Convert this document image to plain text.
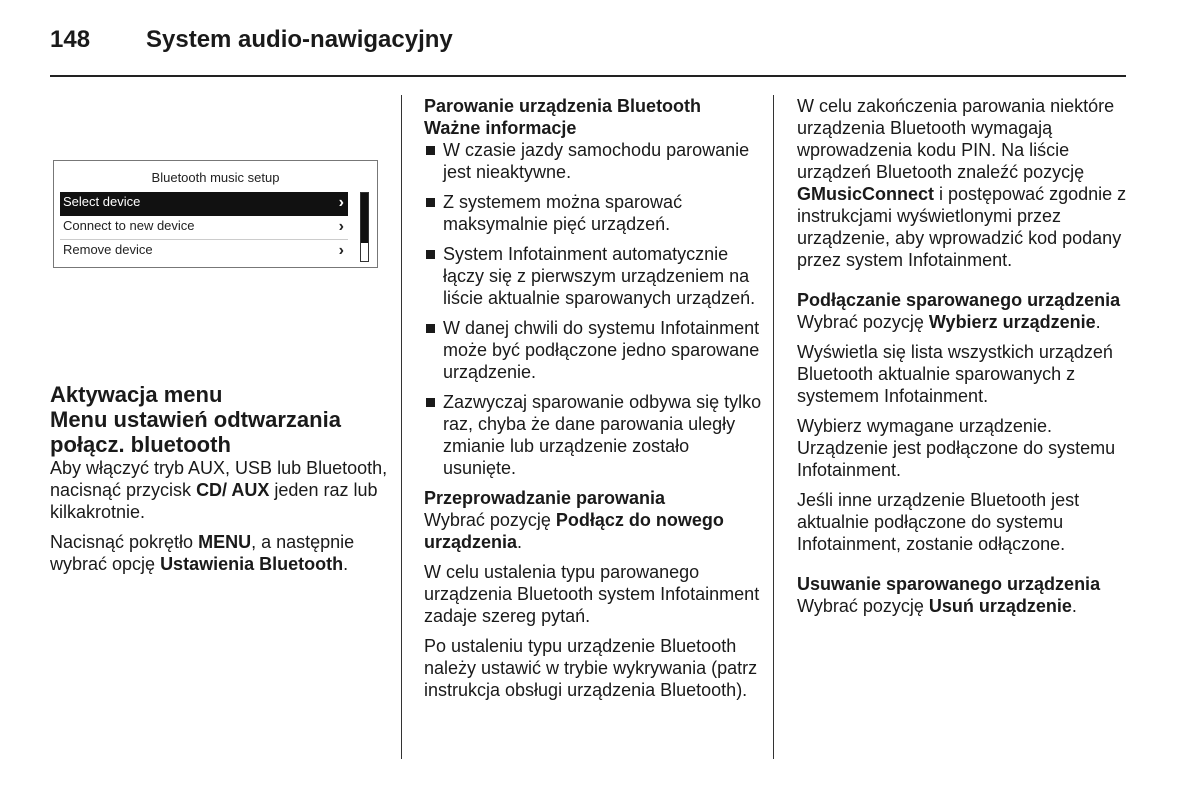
148 System audio-nawigacyjny
Bluetooth music setup
Select device	›
Connect to new device	›
Remove device	›
Aktywacja menu
Menu ustawień odtwarzania
połącz. bluetooth

Aby włączyć tryb AUX, USB lub Bluetooth, nacisnąć przycisk CD/ AUX jeden raz lub kilkakrotnie.

Nacisnąć pokrętło MENU, a następnie wybrać opcję Ustawienia Bluetooth.

Parowanie urządzenia Bluetooth
Ważne informacje
W czasie jazdy samochodu parowanie jest nieaktywne.
Z systemem można sparować maksymalnie pięć urządzeń.
System Infotainment automatycznie łączy się z pierwszym urządzeniem na liście aktualnie sparowanych urządzeń.
W danej chwili do systemu Infotainment może być podłączone jedno sparowane urządzenie.
Zazwyczaj sparowanie odbywa się tylko raz, chyba że dane parowania uległy zmianie lub urządzenie zostało usunięte.
Przeprowadzanie parowania

Wybrać pozycję Podłącz do nowego urządzenia.

W celu ustalenia typu parowanego urządzenia Bluetooth system Infotainment zadaje szereg pytań.

Po ustaleniu typu urządzenie Bluetooth należy ustawić w trybie wykrywania (patrz instrukcja obsługi urządzenia Bluetooth).

W celu zakończenia parowania niektóre urządzenia Bluetooth wymagają wprowadzenia kodu PIN. Na liście urządzeń Bluetooth znaleźć pozycję GMusicConnect i postępować zgodnie z instrukcjami wyświetlonymi przez urządzenie, aby wprowadzić kod podany przez system Infotainment.

Podłączanie sparowanego urządzenia

Wybrać pozycję Wybierz urządzenie.

Wyświetla się lista wszystkich urządzeń Bluetooth aktualnie sparowanych z systemem Infotainment.

Wybierz wymagane urządzenie. Urządzenie jest podłączone do systemu Infotainment.

Jeśli inne urządzenie Bluetooth jest aktualnie podłączone do systemu Infotainment, zostanie odłączone.

Usuwanie sparowanego urządzenia

Wybrać pozycję Usuń urządzenie.
